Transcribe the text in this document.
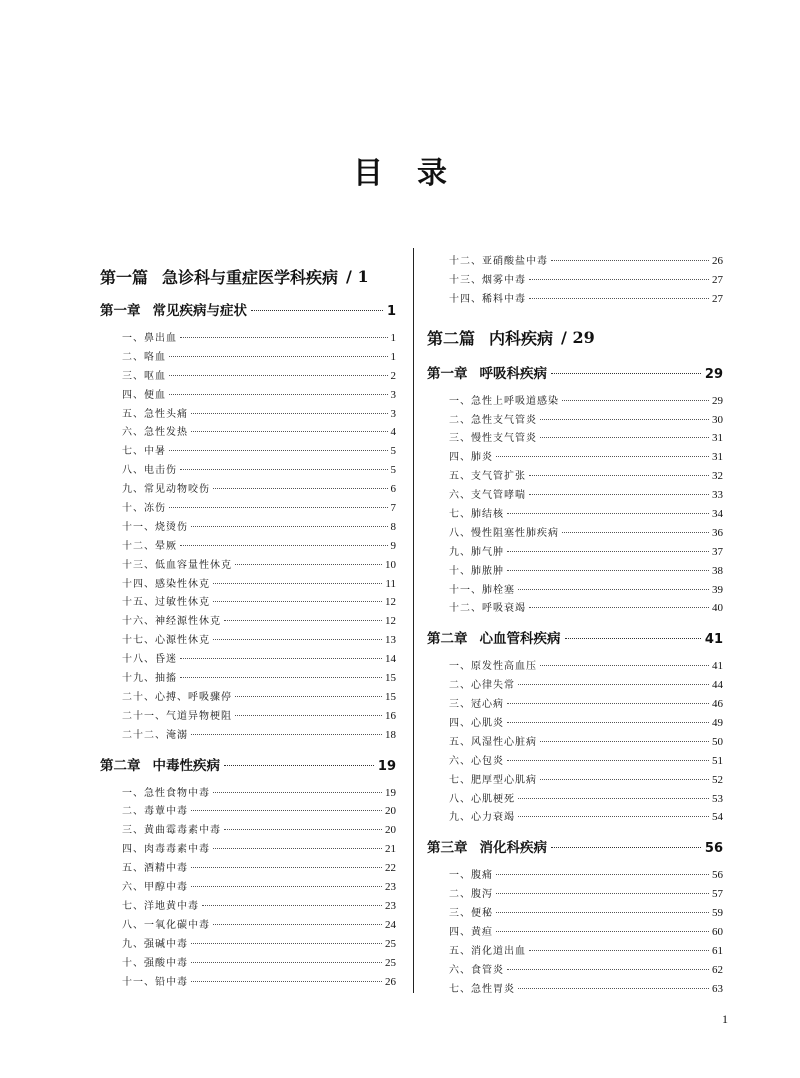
目录
第一篇 急诊科与重症医学科疾病 / 1
第一章 常见疾病与症状	1
一、鼻出血	1
二、咯血	1
三、呕血	2
四、便血	3
五、急性头痛	3
六、急性发热	4
七、中暑	5
八、电击伤	5
九、常见动物咬伤	6
十、冻伤	7
十一、烧烫伤	8
十二、晕厥	9
十三、低血容量性休克	10
十四、感染性休克	11
十五、过敏性休克	12
十六、神经源性休克	12
十七、心源性休克	13
十八、昏迷	14
十九、抽搐	15
二十、心搏、呼吸骤停	15
二十一、气道异物梗阻	16
二十二、淹溺	18
第二章 中毒性疾病	19
一、急性食物中毒	19
二、毒蕈中毒	20
三、黄曲霉毒素中毒	20
四、肉毒毒素中毒	21
五、酒精中毒	22
六、甲醇中毒	23
七、洋地黄中毒	23
八、一氧化碳中毒	24
九、强碱中毒	25
十、强酸中毒	25
十一、铅中毒	26
十二、亚硝酸盐中毒	26
十三、烟雾中毒	27
十四、稀料中毒	27
第二篇 内科疾病 / 29
第一章 呼吸科疾病	29
一、急性上呼吸道感染	29
二、急性支气管炎	30
三、慢性支气管炎	31
四、肺炎	31
五、支气管扩张	32
六、支气管哮喘	33
七、肺结核	34
八、慢性阻塞性肺疾病	36
九、肺气肿	37
十、肺脓肿	38
十一、肺栓塞	39
十二、呼吸衰竭	40
第二章 心血管科疾病	41
一、原发性高血压	41
二、心律失常	44
三、冠心病	46
四、心肌炎	49
五、风湿性心脏病	50
六、心包炎	51
七、肥厚型心肌病	52
八、心肌梗死	53
九、心力衰竭	54
第三章 消化科疾病	56
一、腹痛	56
二、腹泻	57
三、便秘	59
四、黄疸	60
五、消化道出血	61
六、食管炎	62
七、急性胃炎	63
1
